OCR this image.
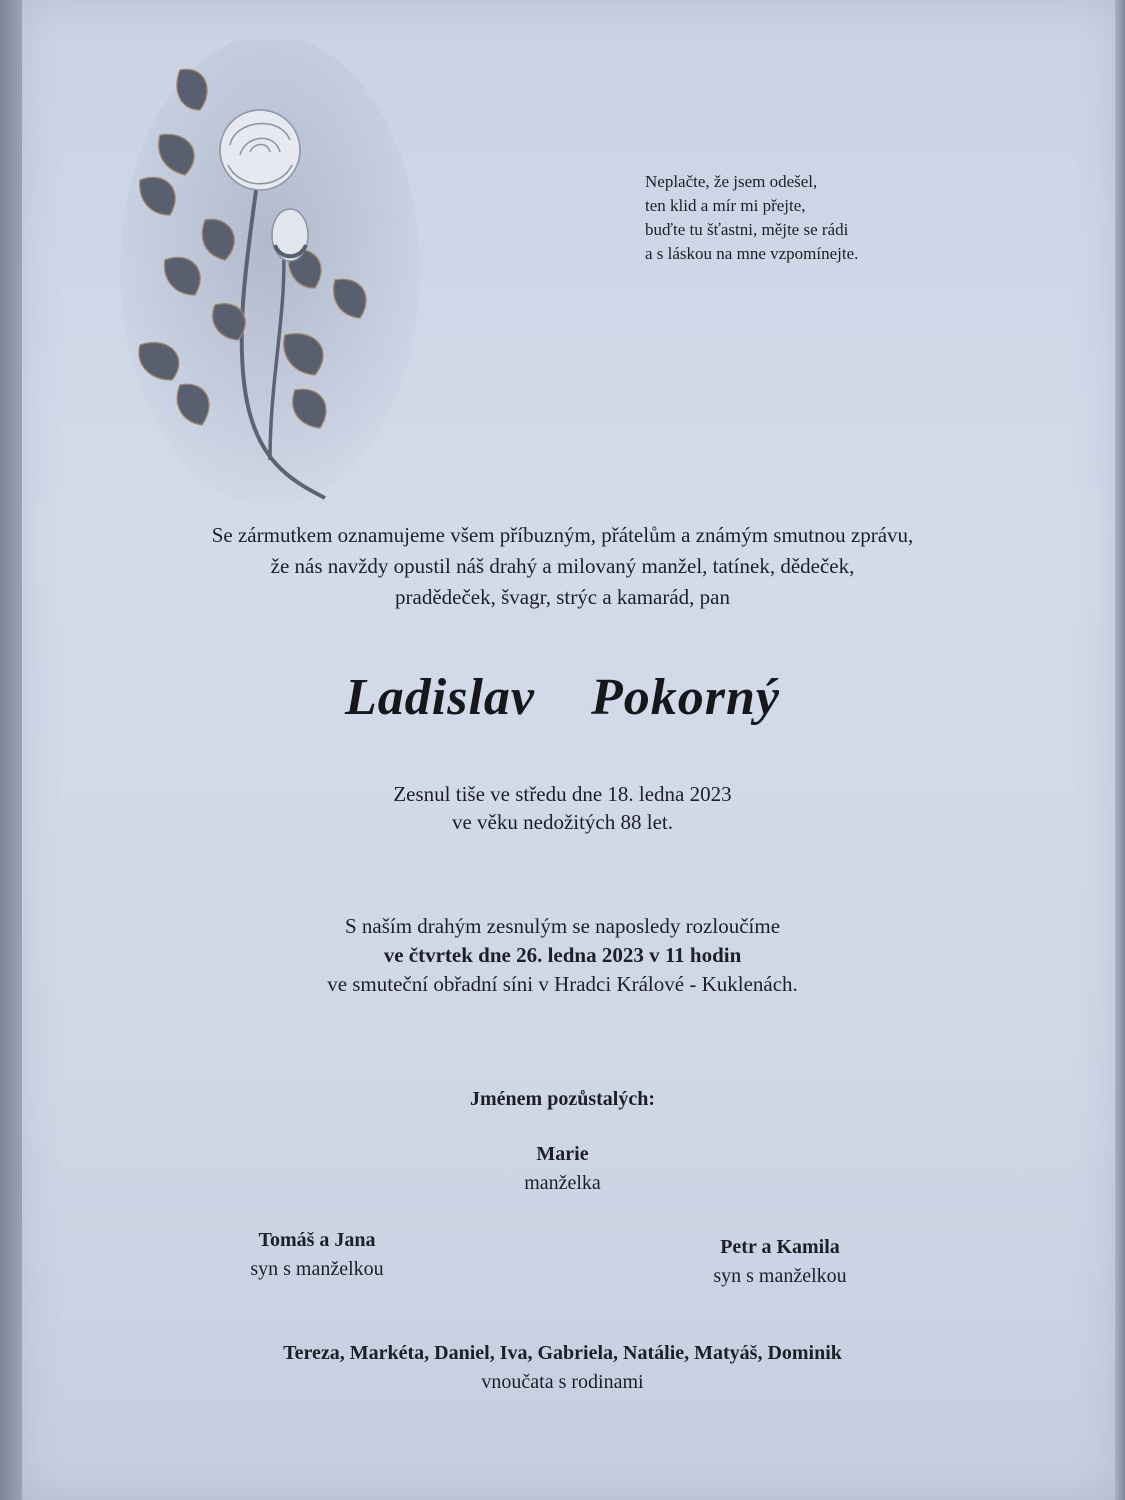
Neplačte, že jsem odešel,
ten klid a mír mi přejte,
buďte tu šťastni, mějte se rádi
a s láskou na mne vzpomínejte.
Se zármutkem oznamujeme všem příbuzným, přátelům a známým smutnou zprávu,
že nás navždy opustil náš drahý a milovaný manžel, tatínek, dědeček,
pradědeček, švagr, strýc a kamarád, pan
Ladislav  Pokorný
Zesnul tiše ve středu dne 18. ledna 2023
ve věku nedožitých 88 let.
S naším drahým zesnulým se naposledy rozloučíme
ve čtvrtek dne 26. ledna 2023 v 11 hodin
ve smuteční obřadní síni v Hradci Králové - Kuklenách.
Jménem pozůstalých:
Marie
manželka
Tomáš a Jana
syn s manželkou
Petr a Kamila
syn s manželkou
Tereza, Markéta, Daniel, Iva, Gabriela, Natálie, Matyáš, Dominik
vnoučata s rodinami
